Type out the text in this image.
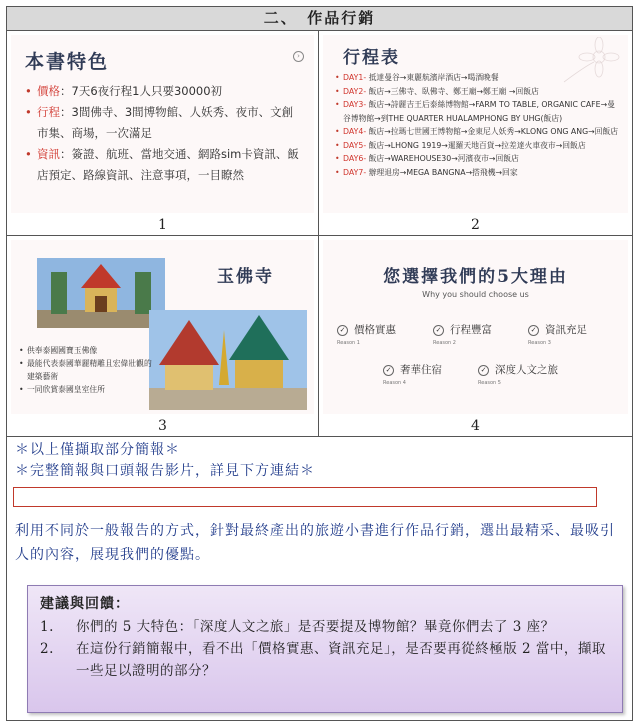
二、　作品行銷
本書特色	›
• 價格：7天6夜行程1人只要30000初
• 行程：3間佛寺、3間博物館、人妖秀、夜市、文創市集、商場，一次滿足
• 資訊：簽證、航班、當地交通、網路sim卡資訊、飯店預定、路線資訊、注意事項，一目瞭然
1
行程表
• DAY1- 抵達曼谷→東麗航濱岸酒店→喝酒晚餐
• DAY2- 飯店→三佛寺、臥佛寺、鄭王廟→鄭王廟 →回飯店
• DAY3- 飯店→詩麗吉王后泰絲博物館→FARM TO TABLE, ORGANIC CAFE→曼谷博物館→到THE QUARTER HUALAMPHONG BY UHG(飯店)
• DAY4- 飯店→拉瑪七世國王博物館→金東尼人妖秀→KLONG ONG ANG→回飯店
• DAY5- 飯店→LHONG 1919→暹羅天地百貨→拉差達火車夜市→回飯店
• DAY6- 飯店→WAREHOUSE30→河濱夜市→回飯店
• DAY7- 辦理退房→MEGA BANGNA→搭飛機→回家
2
玉佛寺
• 供奉泰國國寶玉佛像
• 最能代表泰國華麗精雕且宏偉壯觀的建築藝術
• 一同欣賞泰國皇室住所
3
您選擇我們的5大理由
Why you should choose us
✓ 價格實惠
Reason 1
✓ 行程豐富
Reason 2
✓ 資訊充足
Reason 3
✓ 奢華住宿
Reason 4
✓ 深度人文之旅
Reason 5
4
＊以上僅擷取部分簡報＊
＊完整簡報與口頭報告影片，詳見下方連結＊
利用不同於一般報告的方式，針對最終產出的旅遊小書進行作品行銷，選出最精采、最吸引人的內容，展現我們的優點。
建議與回饋：
1. 你們的 5 大特色：「深度人文之旅」是否要提及博物館？畢竟你們去了 3 座？
2. 在這份行銷簡報中，看不出「價格實惠、資訊充足」，是否要再從終極版 2 當中，擷取一些足以證明的部分？
